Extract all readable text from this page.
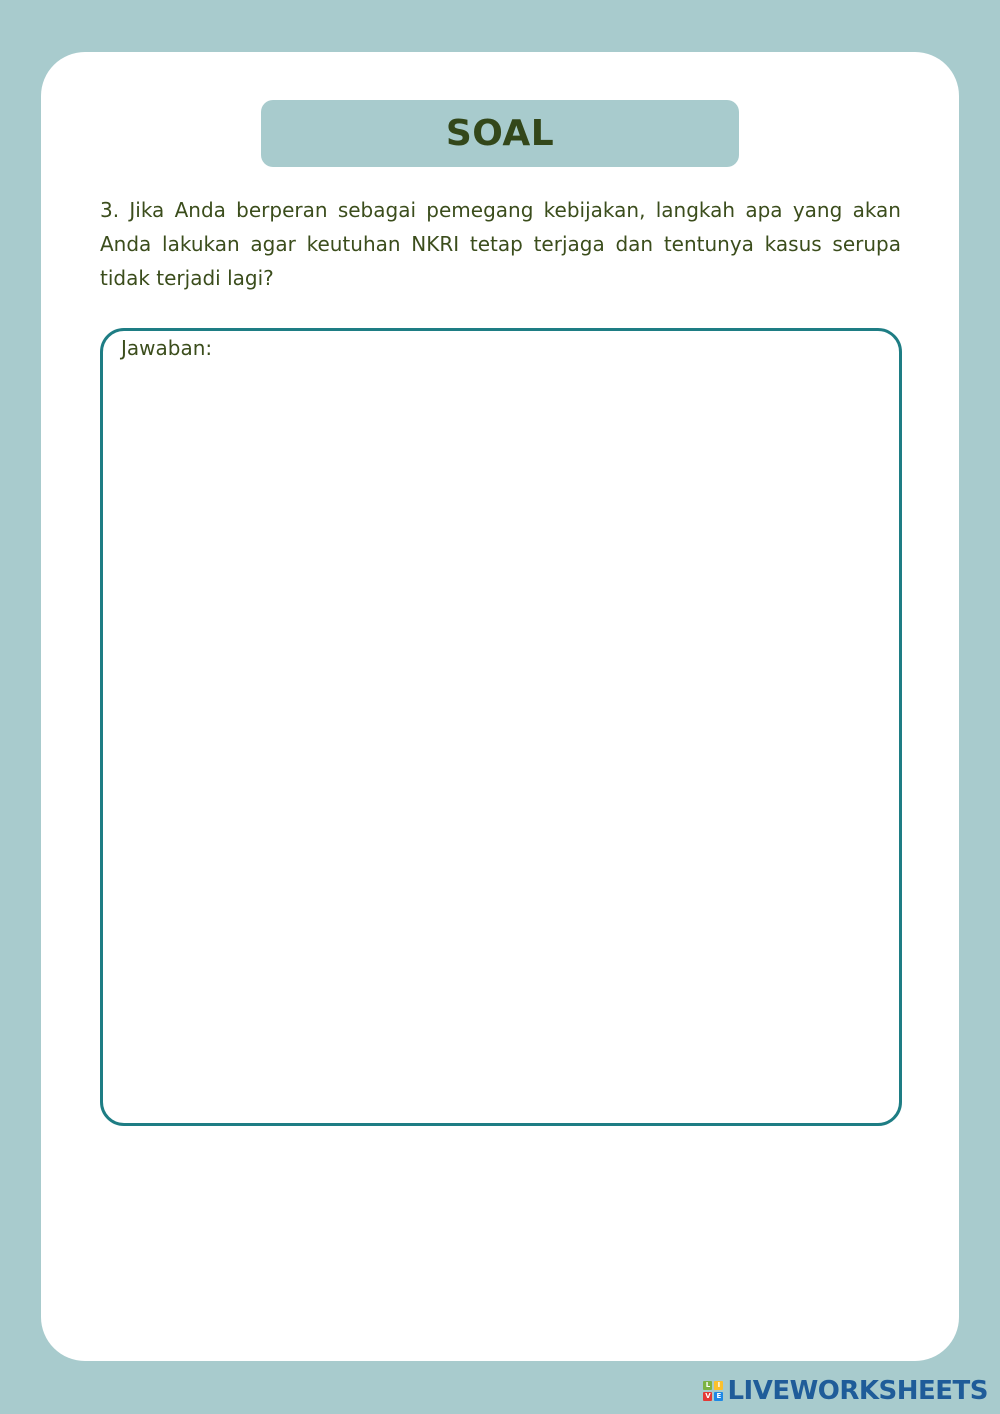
SOAL

3. Jika Anda berperan sebagai pemegang kebijakan, langkah apa yang akan Anda lakukan agar keutuhan NKRI tetap terjaga dan tentunya kasus serupa tidak terjadi lagi?

Jawaban:
L	I
V E LIVEWORKSHEETS
